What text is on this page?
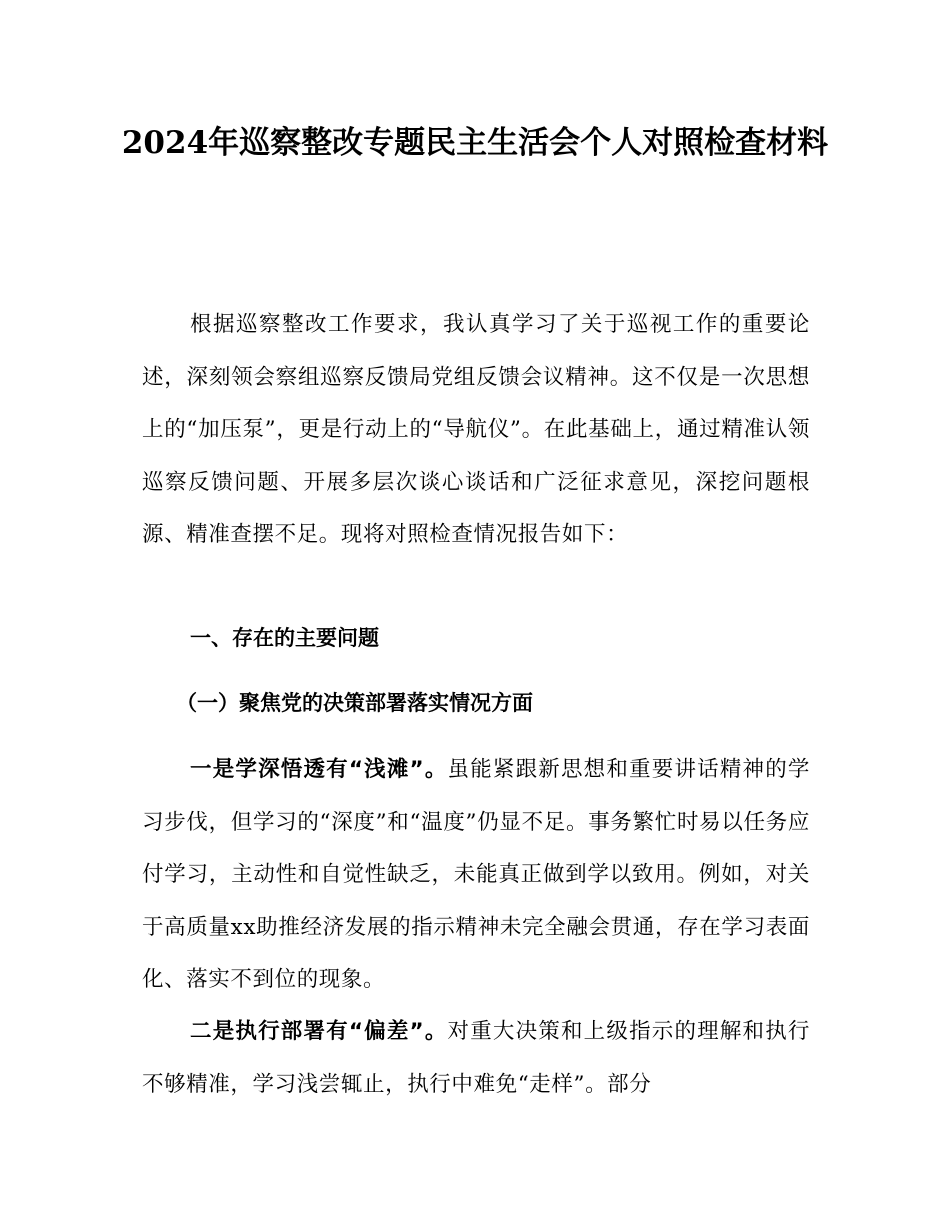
2024年巡察整改专题民主生活会个人对照检查材料

根据巡察整改工作要求，我认真学习了关于巡视工作的重要论述，深刻领会察组巡察反馈局党组反馈会议精神。这不仅是一次思想上的“加压泵”，更是行动上的“导航仪”。在此基础上，通过精准认领巡察反馈问题、开展多层次谈心谈话和广泛征求意见，深挖问题根源、精准查摆不足。现将对照检查情况报告如下：

一、存在的主要问题
（一）聚焦党的决策部署落实情况方面

一是学深悟透有“浅滩”。虽能紧跟新思想和重要讲话精神的学习步伐，但学习的“深度”和“温度”仍显不足。事务繁忙时易以任务应付学习，主动性和自觉性缺乏，未能真正做到学以致用。例如，对关于高质量xx助推经济发展的指示精神未完全融会贯通，存在学习表面化、落实不到位的现象。

二是执行部署有“偏差”。对重大决策和上级指示的理解和执行不够精准，学习浅尝辄止，执行中难免“走样”。部分
